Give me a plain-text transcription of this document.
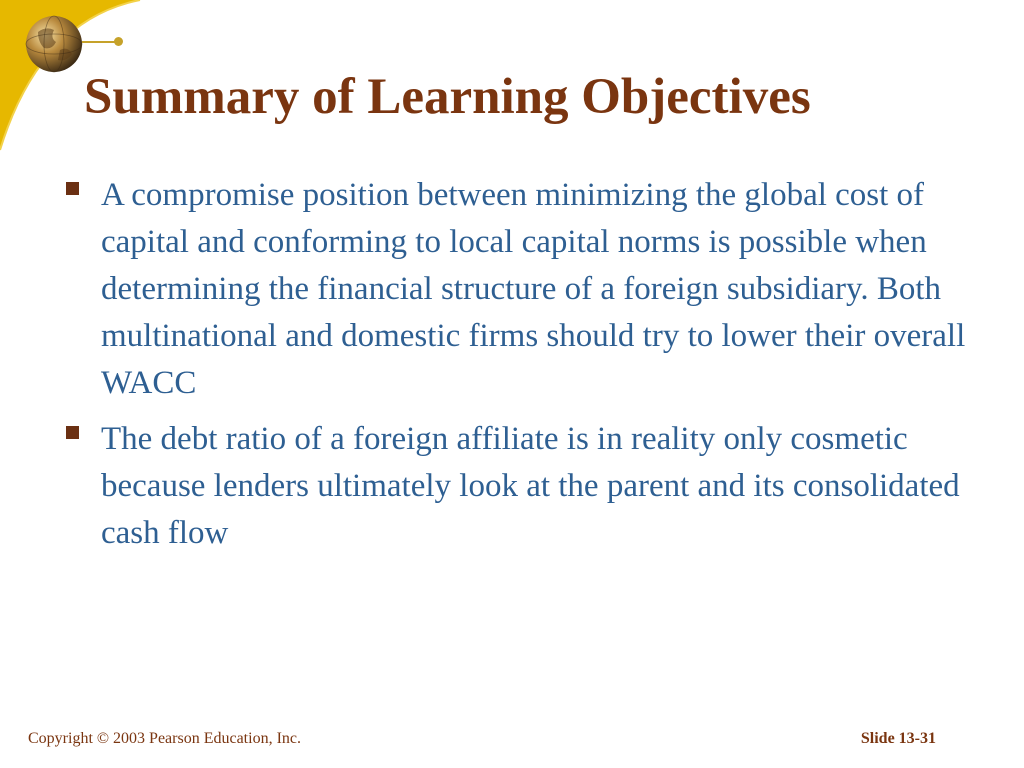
Summary of Learning Objectives
A compromise position between minimizing the global cost of capital and conforming to local capital norms is possible when determining the financial structure of a foreign subsidiary. Both multinational and domestic firms should try to lower their overall WACC
The debt ratio of a foreign affiliate is in reality only cosmetic because lenders ultimately look at the parent and its consolidated cash flow
Copyright © 2003 Pearson Education, Inc.	Slide 13-31
